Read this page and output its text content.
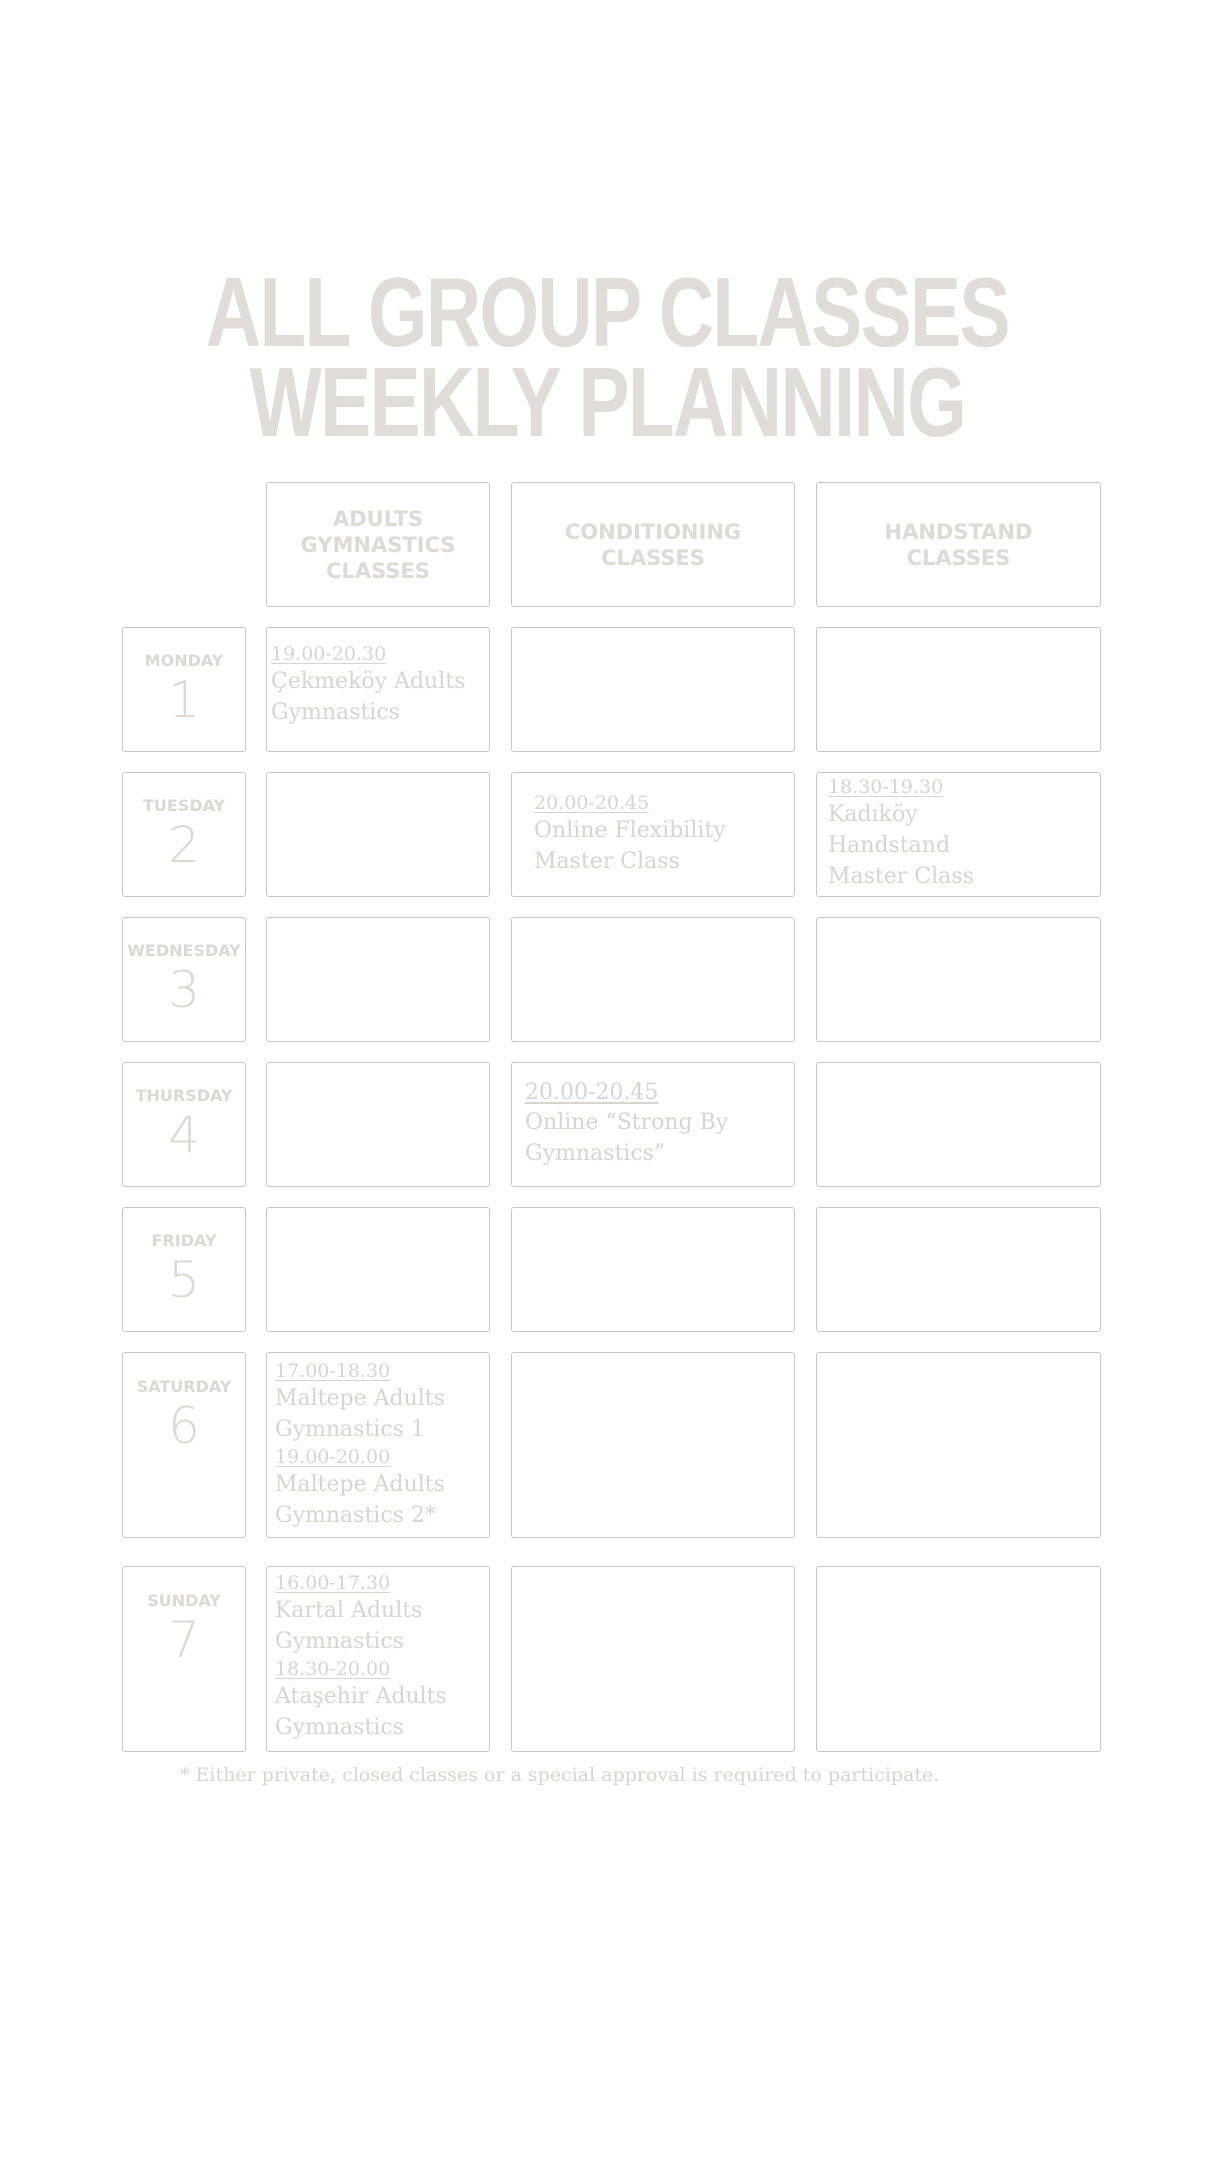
ALL GROUP CLASSES
WEEKLY PLANNING
ADULTS
GYMNASTICS
CLASSES
CONDITIONING
CLASSES
HANDSTAND
CLASSES
MONDAY
1
19.00-20.30
Çekmeköy Adults Gymnastics
TUESDAY
2
20.00-20.45
Online Flexibility Master Class
18.30-19.30
Kadıköy Handstand Master Class
WEDNESDAY
3
THURSDAY
4
20.00-20.45
Online “Strong By Gymnastics”
FRIDAY
5
SATURDAY
6
17.00-18.30
Maltepe Adults Gymnastics 1
19.00-20.00
Maltepe Adults Gymnastics 2*
SUNDAY
7
16.00-17.30
Kartal Adults Gymnastics
18.30-20.00
Ataşehir Adults Gymnastics
* Either private, closed classes or a special approval is required to participate.
